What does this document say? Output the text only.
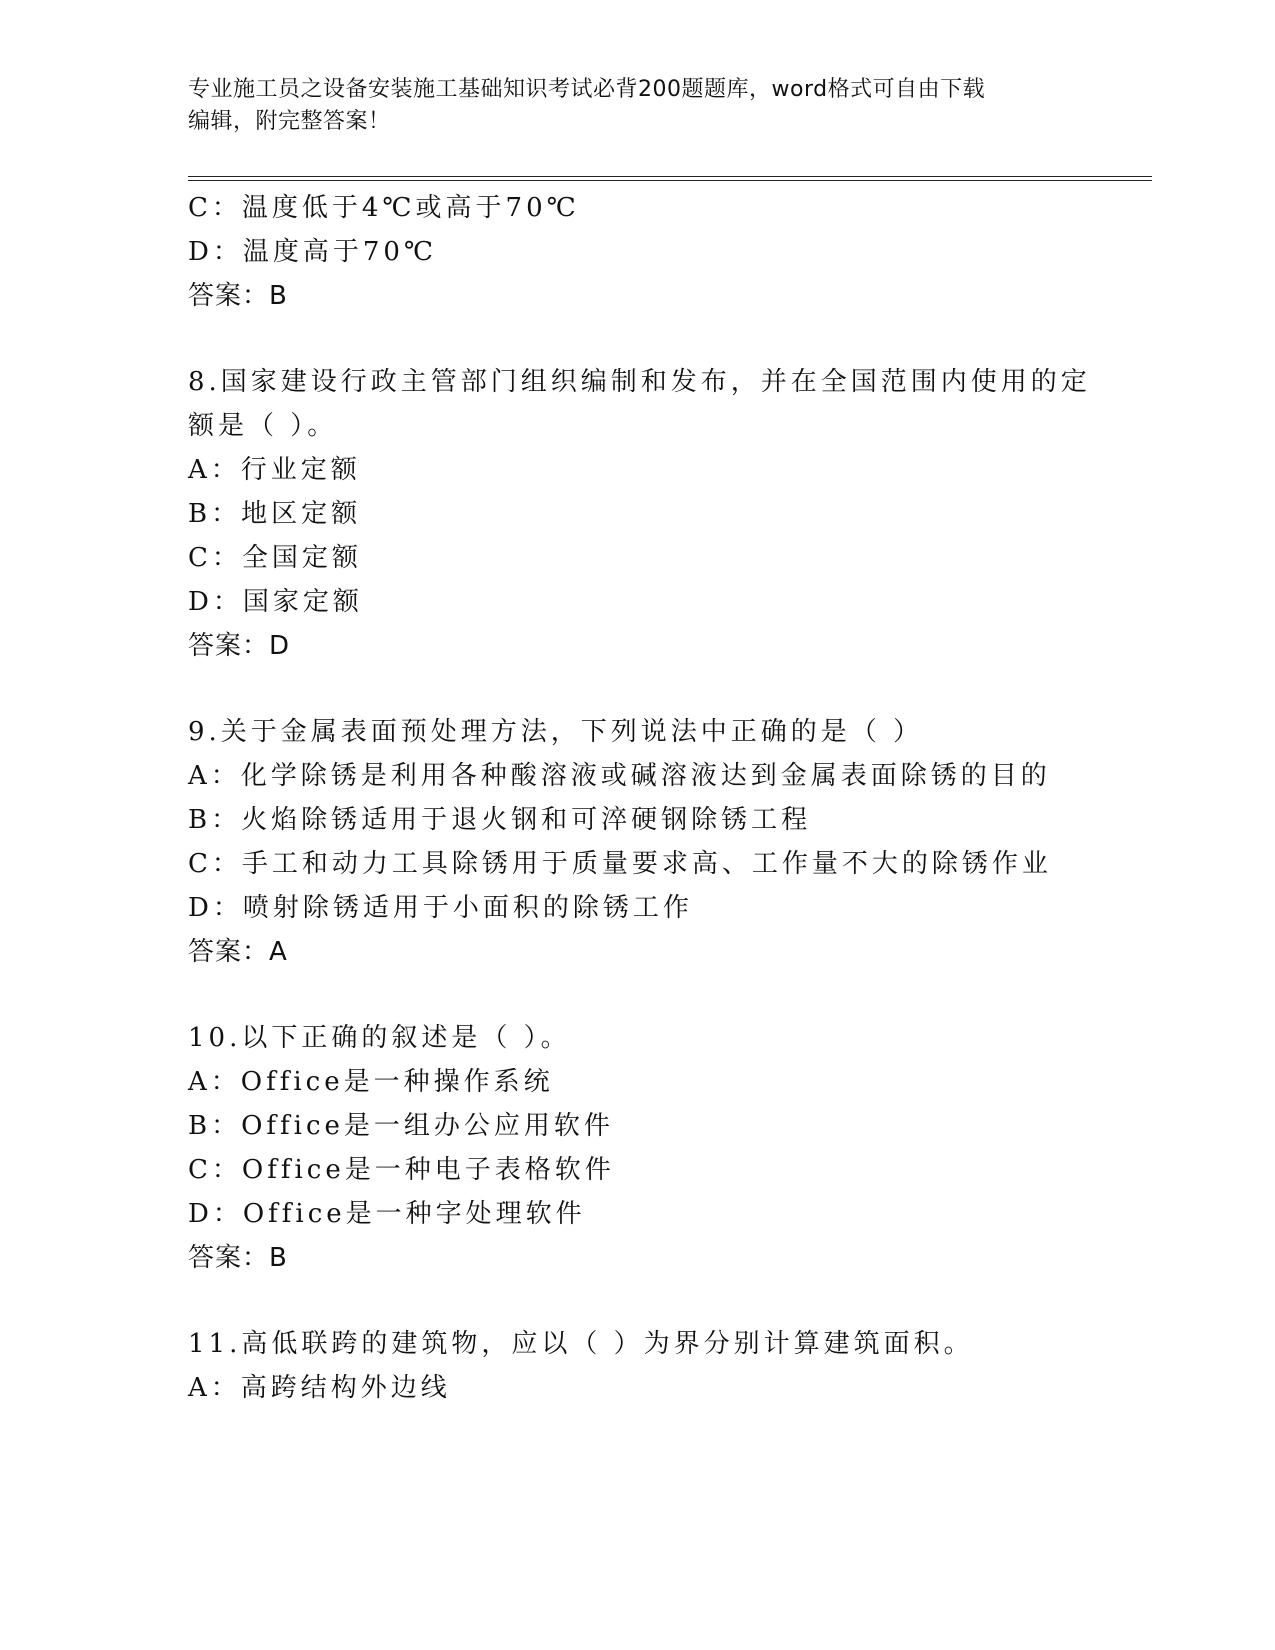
专业施工员之设备安装施工基础知识考试必背200题题库，word格式可自由下载
编辑，附完整答案！
C：温度低于4℃或高于70℃
D：温度高于70℃
答案：B
8.国家建设行政主管部门组织编制和发布，并在全国范围内使用的定
额是（ ）。
A：行业定额
B：地区定额
C：全国定额
D：国家定额
答案：D
9.关于金属表面预处理方法，下列说法中正确的是（ ）
A：化学除锈是利用各种酸溶液或碱溶液达到金属表面除锈的目的
B：火焰除锈适用于退火钢和可淬硬钢除锈工程
C：手工和动力工具除锈用于质量要求高、工作量不大的除锈作业
D：喷射除锈适用于小面积的除锈工作
答案：A
10.以下正确的叙述是（ ）。
A：Office是一种操作系统
B：Office是一组办公应用软件
C：Office是一种电子表格软件
D：Office是一种字处理软件
答案：B
11.高低联跨的建筑物，应以（ ）为界分别计算建筑面积。
A：高跨结构外边线
